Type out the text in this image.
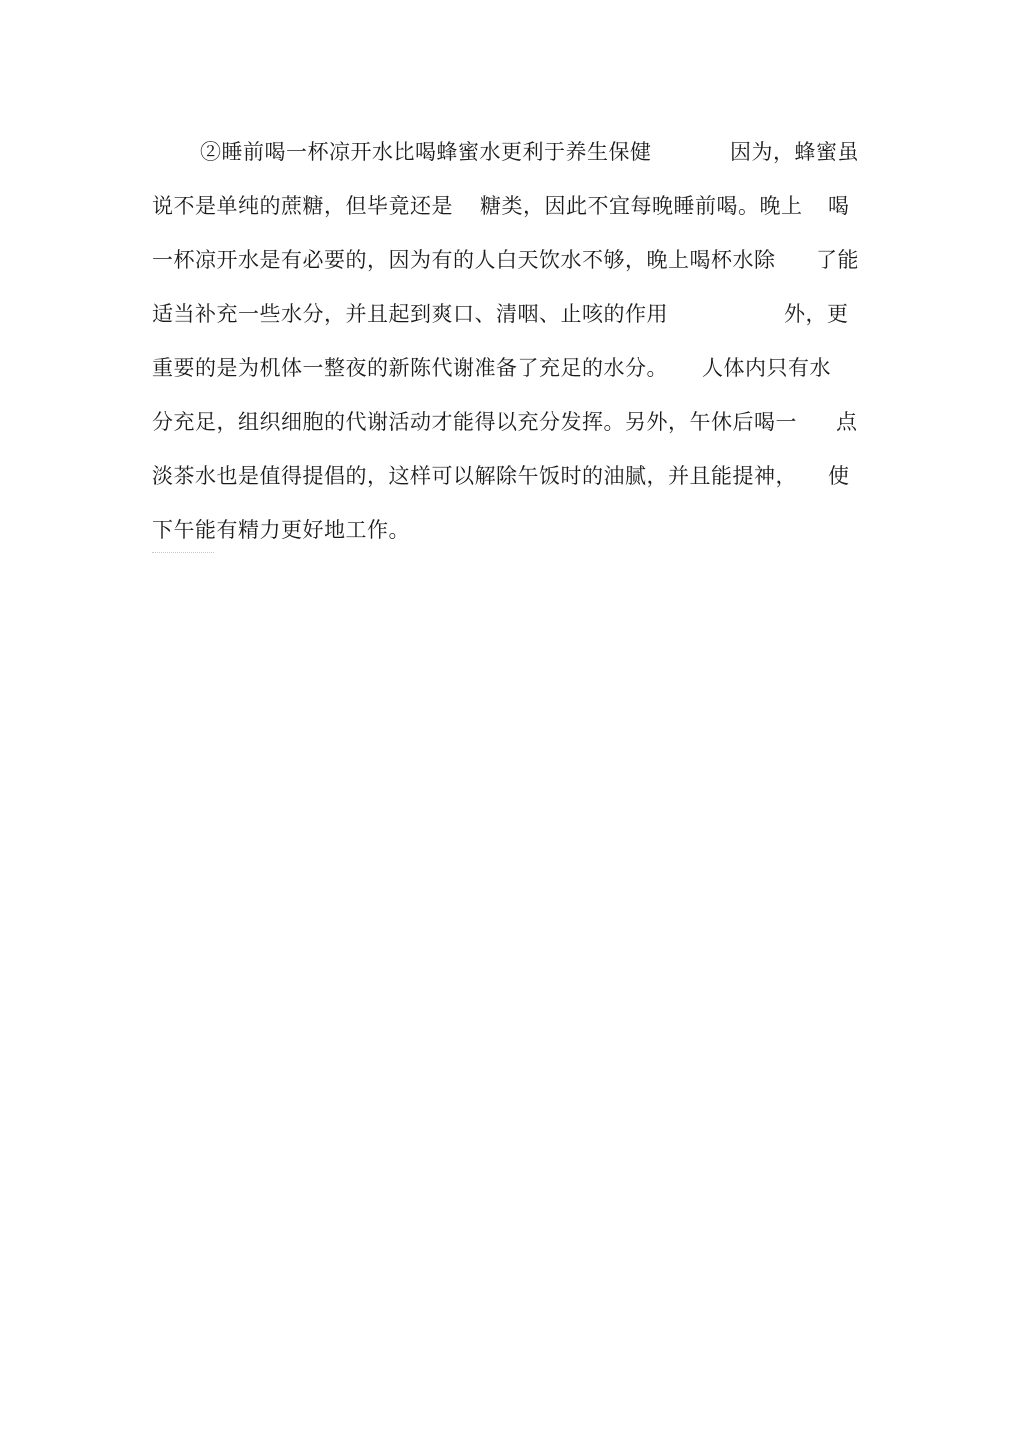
②睡前喝一杯凉开水比喝蜂蜜水更利于养生保健

	因为，蜂蜜虽

说不是单纯的蔗糖，但毕竟还是

糖类，因此不宜每晚睡前喝。晚上

喝

一杯凉开水是有必要的，因为有的人白天饮水不够，晚上喝杯水除

了能

适当补充一些水分，并且起到爽口、清咽、止咳的作用

	外，更

重要的是为机体一整夜的新陈代谢准备了充足的水分。

人体内只有水

分充足，组织细胞的代谢活动才能得以充分发挥。另外，午休后喝一

点

淡茶水也是值得提倡的，这样可以解除午饭时的油腻，并且能提神，

使

下午能有精力更好地工作。
